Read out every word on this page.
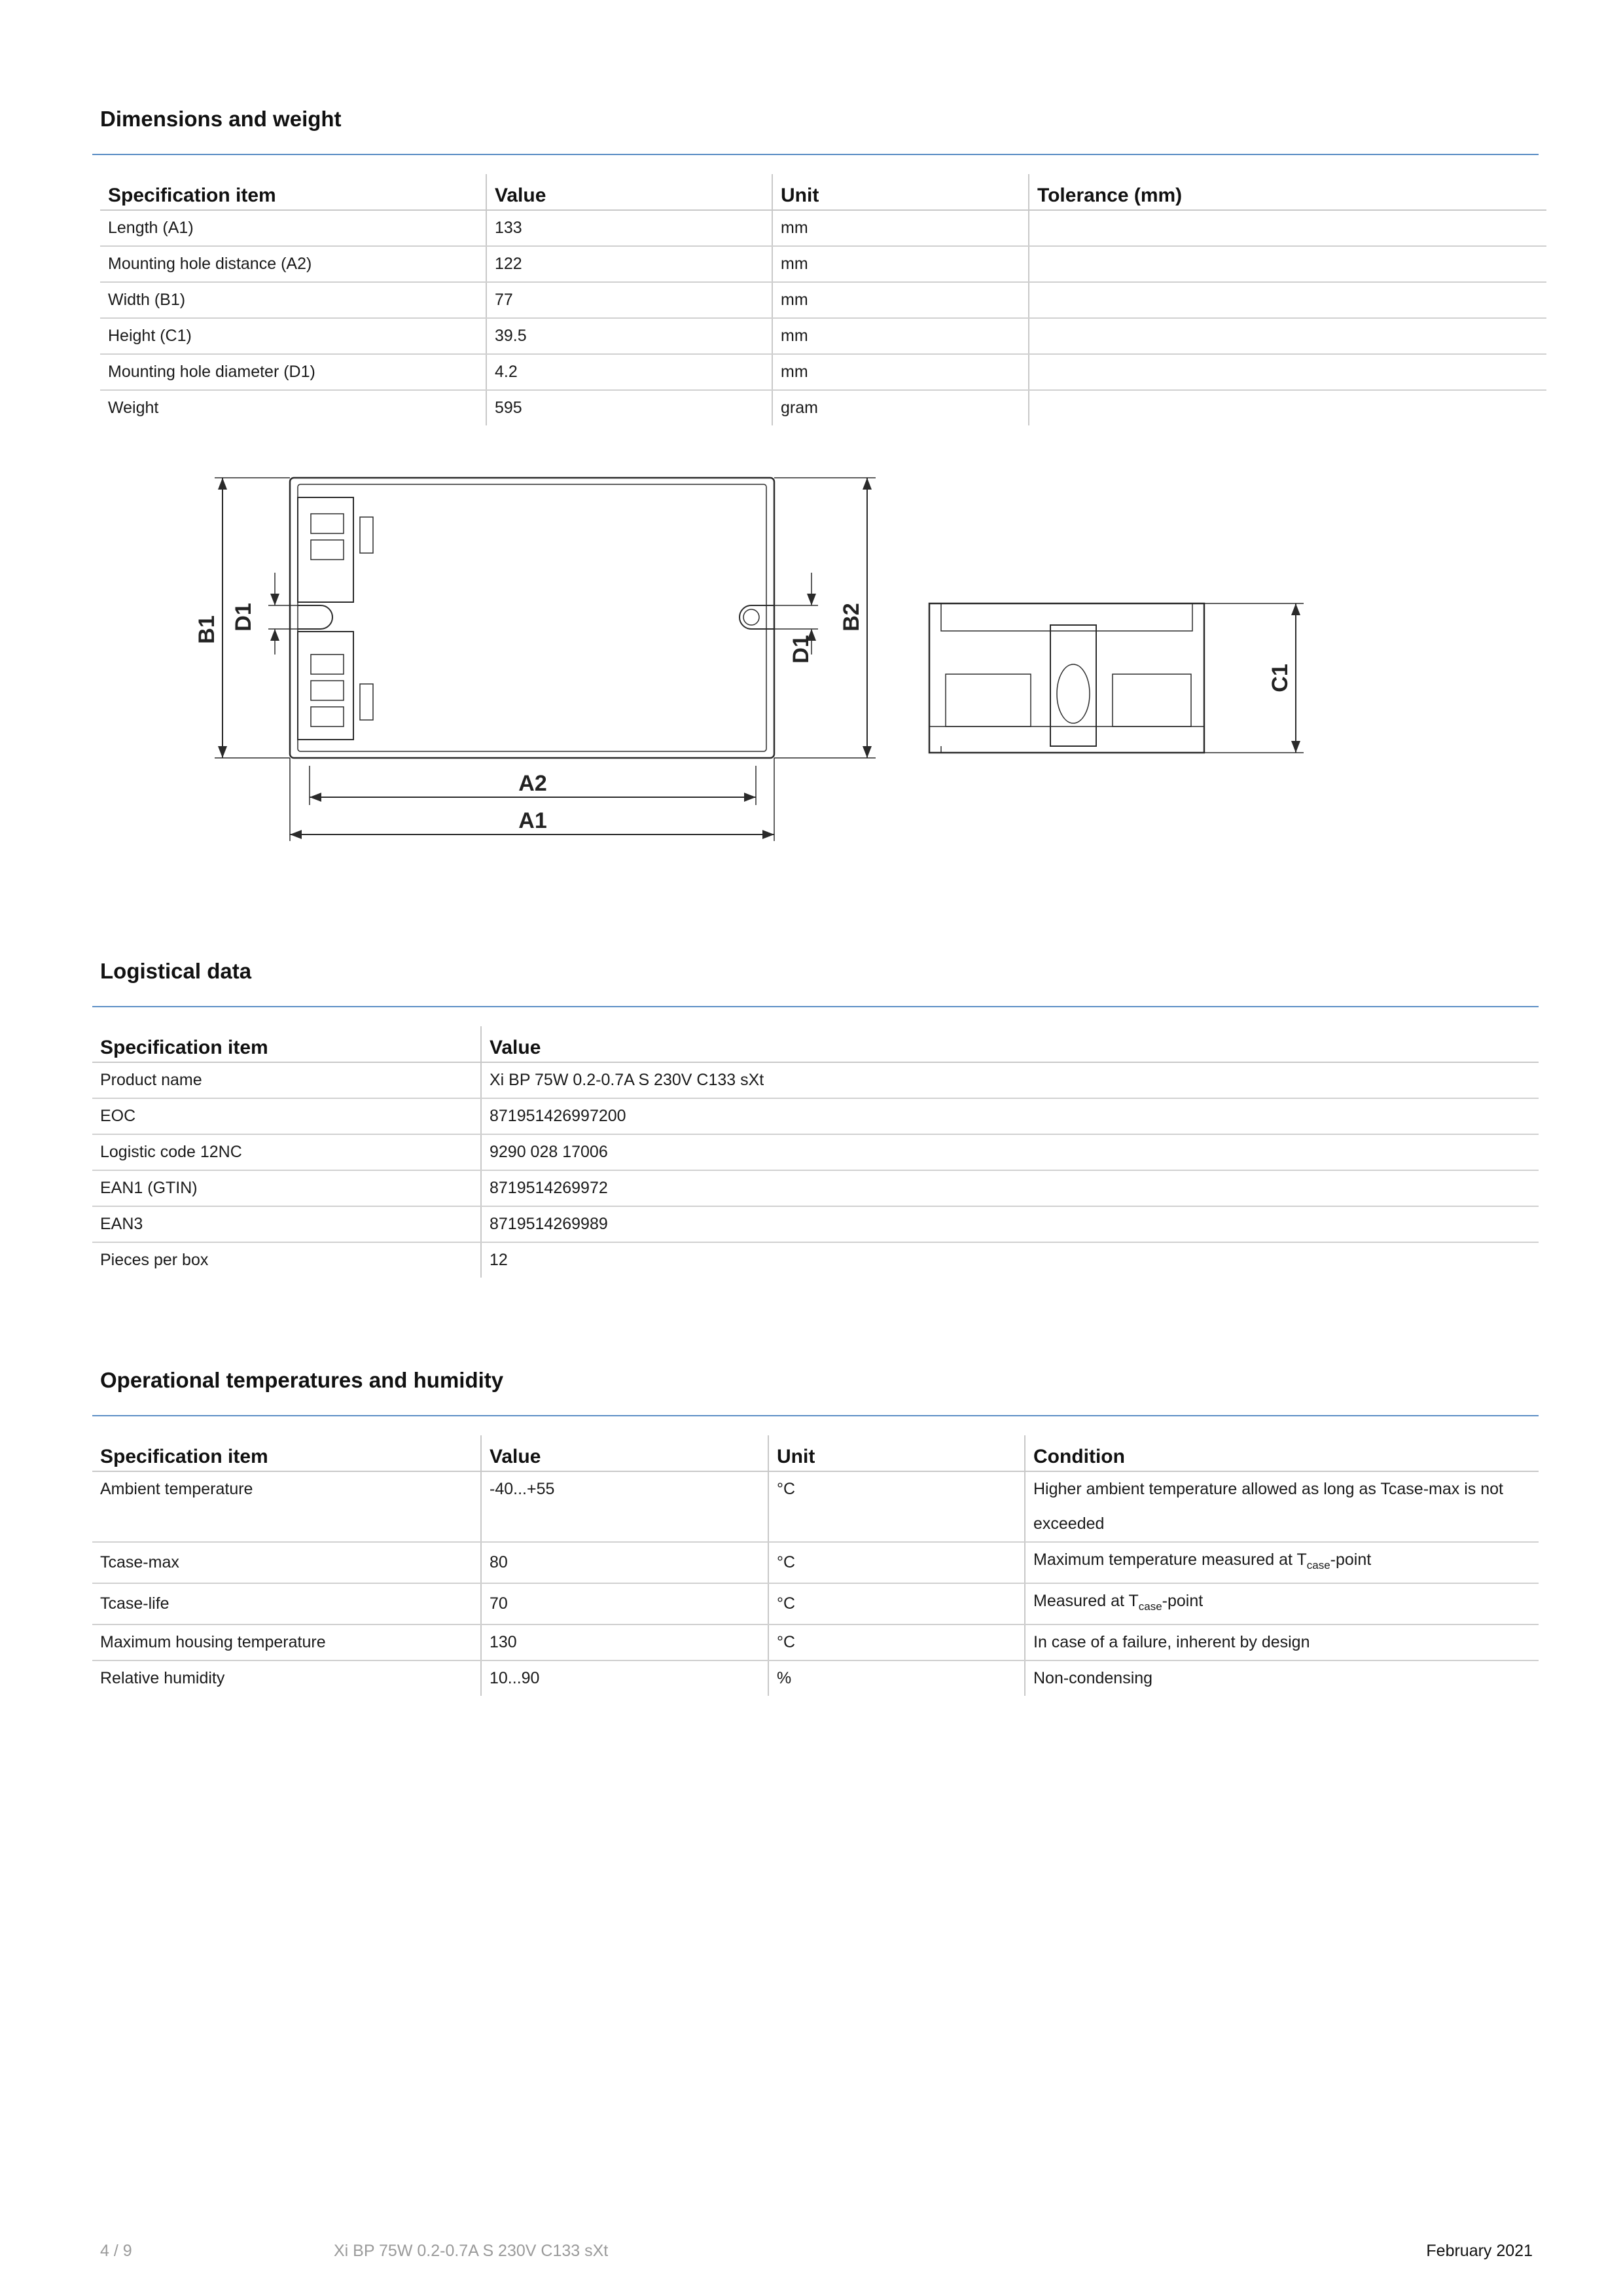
Dimensions and weight
Specification item	Value	Unit	Tolerance (mm)
Length (A1)	133	mm	
Mounting hole distance (A2)	122	mm	
Width (B1)	77	mm	
Height (C1)	39.5	mm	
Mounting hole diameter (D1)	4.2	mm	
Weight	595	gram	
B1 D1
D1
B2
A2
A1
C1
Logistical data
Specification item	Value
Product name	Xi BP 75W 0.2-0.7A S 230V C133 sXt
EOC	871951426997200
Logistic code 12NC	9290 028 17006
EAN1 (GTIN)	8719514269972
EAN3	8719514269989
Pieces per box	12
Operational temperatures and humidity
Specification item	Value	Unit	Condition
Ambient temperature	-40...+55	°C	Higher ambient temperature allowed as long as Tcase-max is not exceeded
Tcase-max	80	°C	Maximum temperature measured at $T_{case}$-point
Tcase-life	70	°C	Measured at $T_{case}$-point
Maximum housing temperature	130	°C	In case of a failure, inherent by design
Relative humidity	10...90	%	Non-condensing
4 / 9	Xi BP 75W 0.2-0.7A S 230V C133 sXt	February 2021
